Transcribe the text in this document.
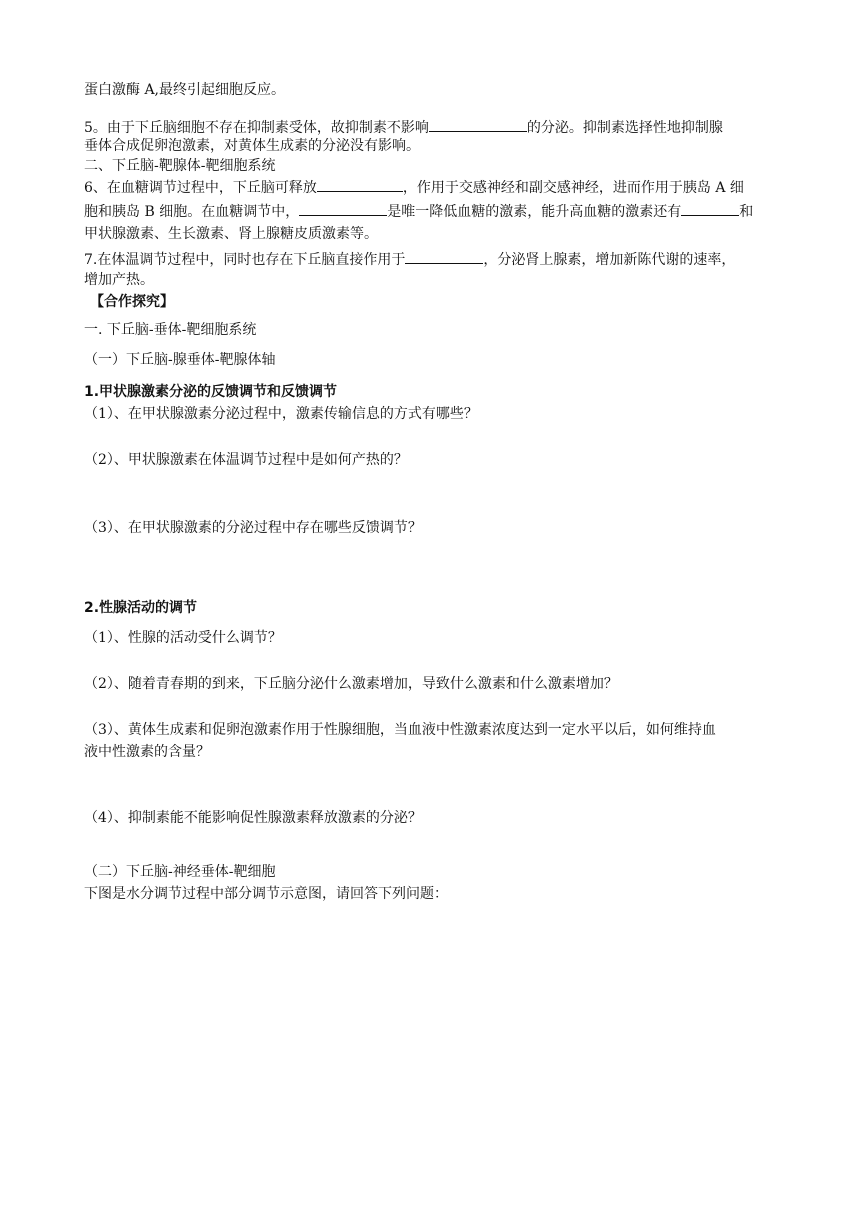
蛋白激酶 A,最终引起细胞反应。
5。由于下丘脑细胞不存在抑制素受体，故抑制素不影响	的分泌。抑制素选择性地抑制腺
垂体合成促卵泡激素，对黄体生成素的分泌没有影响。
二、下丘脑-靶腺体-靶细胞系统
6、在血糖调节过程中，下丘脑可释放	，作用于交感神经和副交感神经，进而作用于胰岛 A 细
胞和胰岛 B 细胞。在血糖调节中，	是唯一降低血糖的激素，能升高血糖的激素还有	和
甲状腺激素、生长激素、肾上腺糖皮质激素等。
7.在体温调节过程中，同时也存在下丘脑直接作用于	，分泌肾上腺素，增加新陈代谢的速率，
增加产热。
【合作探究】
一. 下丘脑-垂体-靶细胞系统
（一）下丘脑-腺垂体-靶腺体轴
1.甲状腺激素分泌的反馈调节和反馈调节
（1）、在甲状腺激素分泌过程中，激素传输信息的方式有哪些？
（2）、甲状腺激素在体温调节过程中是如何产热的？
（3）、在甲状腺激素的分泌过程中存在哪些反馈调节？
2.性腺活动的调节
（1）、性腺的活动受什么调节？
（2）、随着青春期的到来，下丘脑分泌什么激素增加，导致什么激素和什么激素增加？
（3）、黄体生成素和促卵泡激素作用于性腺细胞，当血液中性激素浓度达到一定水平以后，如何维持血
液中性激素的含量？
（4）、抑制素能不能影响促性腺激素释放激素的分泌？
（二）下丘脑-神经垂体-靶细胞
下图是水分调节过程中部分调节示意图，请回答下列问题：
